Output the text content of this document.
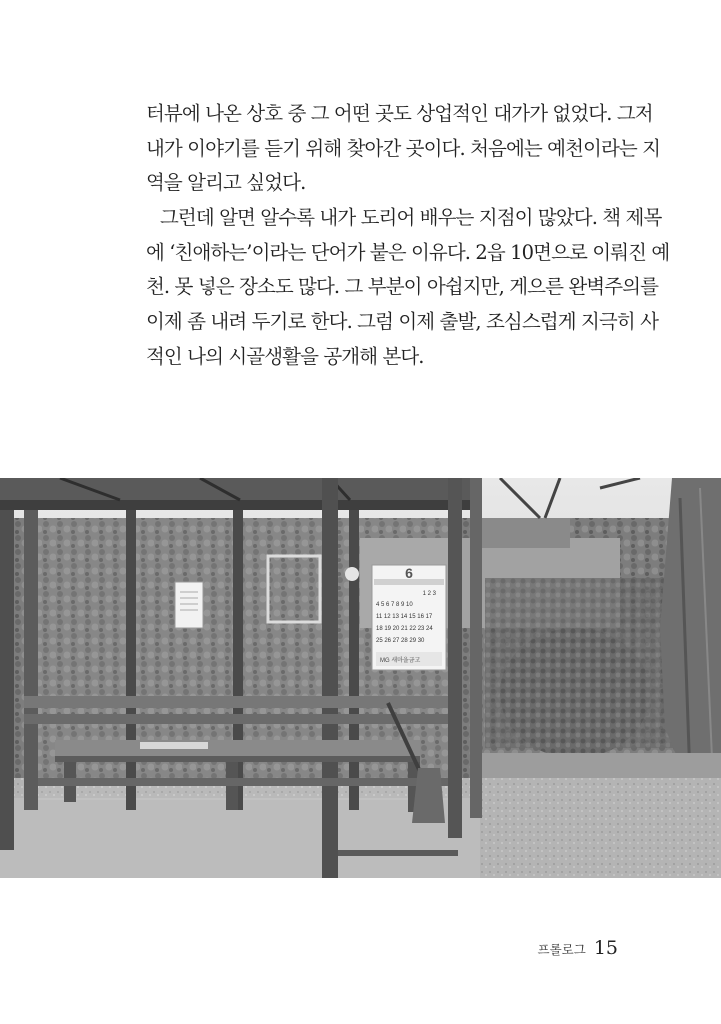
터뷰에 나온 상호 중 그 어떤 곳도 상업적인 대가가 없었다. 그저
내가 이야기를 듣기 위해 찾아간 곳이다. 처음에는 예천이라는 지
역을 알리고 싶었다.
그런데 알면 알수록 내가 도리어 배우는 지점이 많았다. 책 제목
에 ‘친애하는’이라는 단어가 붙은 이유다. 2읍 10면으로 이뤄진 예
천. 못 넣은 장소도 많다. 그 부분이 아쉽지만, 게으른 완벽주의를
이제 좀 내려 두기로 한다. 그럼 이제 출발, 조심스럽게 지극히 사
적인 나의 시골생활을 공개해 본다.
6
1 2 3
4 5 6 7 8 9 10
11 12 13 14 15 16 17
18 19 20 21 22 23 24
25 26 27 28 29 30
MG 새마을금고
프롤로그 15
